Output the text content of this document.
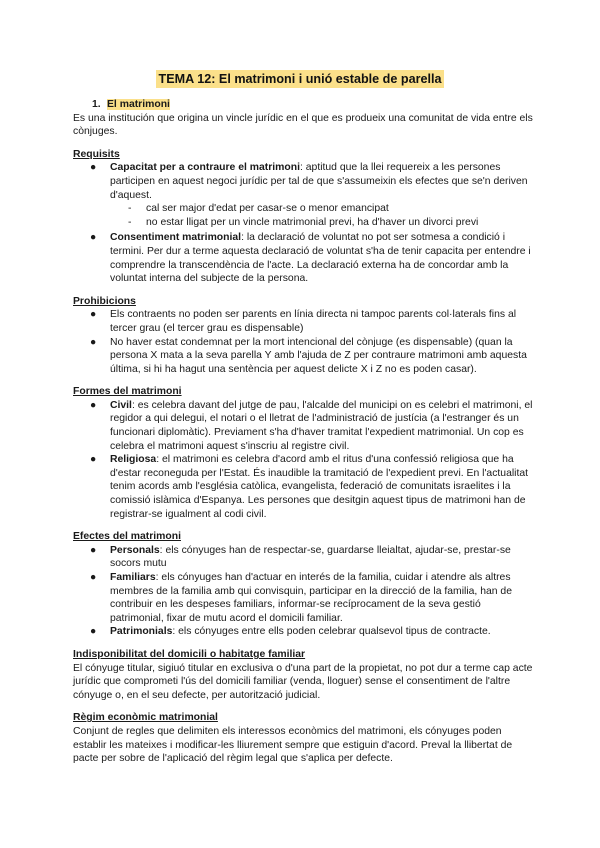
TEMA 12: El matrimoni i unió estable de parella
1. El matrimoni

Es una institución que origina un vincle jurídic en el que es produeix una comunitat de vida entre els cònjuges.

Requisits
● Capacitat per a contraure el matrimoni: aptitud que la llei requereix a les persones participen en aquest negoci jurídic per tal de que s'assumeixin els efectes que se'n deriven d'aquest.
- cal ser major d'edat per casar-se o menor emancipat
- no estar lligat per un vincle matrimonial previ, ha d'haver un divorci previ
● Consentiment matrimonial: la declaració de voluntat no pot ser sotmesa a condició i termini. Per dur a terme aquesta declaració de voluntat s'ha de tenir capacita per entendre i comprendre la transcendència de l'acte. La declaració externa ha de concordar amb la voluntat interna del subjecte de la persona.
Prohibicions
● Els contraents no poden ser parents en línia directa ni tampoc parents col·laterals fins al tercer grau (el tercer grau es dispensable)
● No haver estat condemnat per la mort intencional del cònjuge (es dispensable) (quan la persona X mata a la seva parella Y amb l'ajuda de Z per contraure matrimoni amb aquesta última, si hi ha hagut una sentència per aquest delicte X i Z no es poden casar).
Formes del matrimoni
● Civil: es celebra davant del jutge de pau, l'alcalde del municipi on es celebri el matrimoni, el regidor a qui delegui, el notari o el lletrat de l'administració de justícia (a l'estranger és un funcionari diplomàtic). Previament s'ha d'haver tramitat l'expedient matrimonial. Un cop es celebra el matrimoni aquest s'inscriu al registre civil.
● Religiosa: el matrimoni es celebra d'acord amb el ritus d'una confessió religiosa que ha d'estar reconeguda per l'Estat. És inaudible la tramitació de l'expedient previ. En l'actualitat tenim acords amb l'església catòlica, evangelista, federació de comunitats israelites i la comissió islàmica d'Espanya. Les persones que desitgin aquest tipus de matrimoni han de registrar-se igualment al codi civil.
Efectes del matrimoni
● Personals: els cónyuges han de respectar-se, guardarse lleialtat, ajudar-se, prestar-se socors mutu
● Familiars: els cónyuges han d'actuar en interés de la familia, cuidar i atendre als altres membres de la familia amb qui convisquin, participar en la direcció de la familia, han de contribuir en les despeses familiars, informar-se recíprocament de la seva gestió patrimonial, fixar de mutu acord el domicili familiar.
● Patrimonials: els cónyuges entre ells poden celebrar qualsevol tipus de contracte.
Indisponibilitat del domicili o habitatge familiar

El cónyuge titular, sigiuó titular en exclusiva o d'una part de la propietat, no pot dur a terme cap acte jurídic que comprometi l'ús del domicili familiar (venda, lloguer) sense el consentiment de l'altre cónyuge o, en el seu defecte, per autorització judicial.

Règim econòmic matrimonial

Conjunt de regles que delimiten els interessos econòmics del matrimoni, els cónyuges poden establir les mateixes i modificar-les lliurement sempre que estiguin d'acord. Preval la llibertat de pacte per sobre de l'aplicació del règim legal que s'aplica per defecte.
